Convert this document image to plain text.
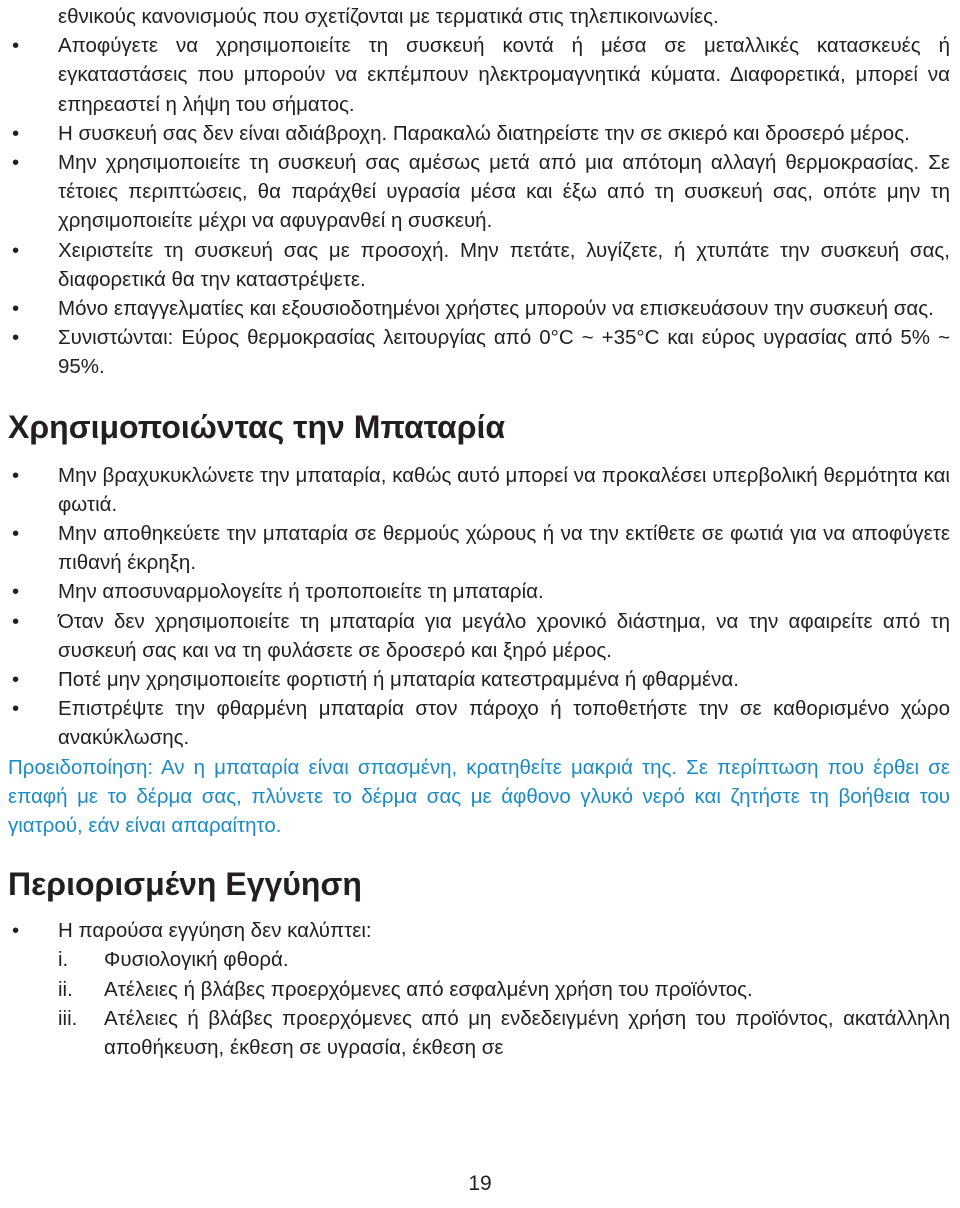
εθνικούς κανονισμούς που σχετίζονται με τερματικά στις τηλεπικοινωνίες.
• Αποφύγετε να χρησιμοποιείτε τη συσκευή κοντά ή μέσα σε μεταλλικές κατασκευές ή εγκαταστάσεις που μπορούν να εκπέμπουν ηλεκτρομαγνητικά κύματα. Διαφορετικά, μπορεί να επηρεαστεί η λήψη του σήματος.
• Η συσκευή σας δεν είναι αδιάβροχη. Παρακαλώ διατηρείστε την σε σκιερό και δροσερό μέρος.
• Μην χρησιμοποιείτε τη συσκευή σας αμέσως μετά από μια απότομη αλλαγή θερμοκρασίας. Σε τέτοιες περιπτώσεις, θα παράχθεί υγρασία μέσα και έξω από τη συσκευή σας, οπότε μην τη χρησιμοποιείτε μέχρι να αφυγρανθεί η συσκευή.
• Χειριστείτε τη συσκευή σας με προσοχή. Μην πετάτε, λυγίζετε, ή χτυπάτε την συσκευή σας, διαφορετικά θα την καταστρέψετε.
• Μόνο επαγγελματίες και εξουσιοδοτημένοι χρήστες μπορούν να επισκευάσουν την συσκευή σας.
• Συνιστώνται: Εύρος θερμοκρασίας λειτουργίας από 0°C ~ +35°C και εύρος υγρασίας από 5% ~ 95%.
Χρησιμοποιώντας την Μπαταρία
• Μην βραχυκυκλώνετε την μπαταρία, καθώς αυτό μπορεί να προκαλέσει υπερβολική θερμότητα και φωτιά.
• Μην αποθηκεύετε την μπαταρία σε θερμούς χώρους ή να την εκτίθετε σε φωτιά για να αποφύγετε πιθανή έκρηξη.
• Μην αποσυναρμολογείτε ή τροποποιείτε τη μπαταρία.
• Όταν δεν χρησιμοποιείτε τη μπαταρία για μεγάλο χρονικό διάστημα, να την αφαιρείτε από τη συσκευή σας και να τη φυλάσετε σε δροσερό και ξηρό μέρος.
• Ποτέ μην χρησιμοποιείτε φορτιστή ή μπαταρία κατεστραμμένα ή φθαρμένα.
• Επιστρέψτε την φθαρμένη μπαταρία στον πάροχο ή τοποθετήστε την σε καθορισμένο χώρο ανακύκλωσης.
Προειδοποίηση: Αν η μπαταρία είναι σπασμένη, κρατηθείτε μακριά της. Σε περίπτωση που έρθει σε επαφή με το δέρμα σας, πλύνετε το δέρμα σας με άφθονο γλυκό νερό και ζητήστε τη βοήθεια του γιατρού, εάν είναι απαραίτητο.
Περιορισμένη Εγγύηση
• Η παρούσα εγγύηση δεν καλύπτει:
i. Φυσιολογική φθορά.
ii. Ατέλειες ή βλάβες προερχόμενες από εσφαλμένη χρήση του προϊόντος.
iii. Ατέλειες ή βλάβες προερχόμενες από μη ενδεδειγμένη χρήση του προϊόντος, ακατάλληλη αποθήκευση, έκθεση σε υγρασία, έκθεση σε
19
